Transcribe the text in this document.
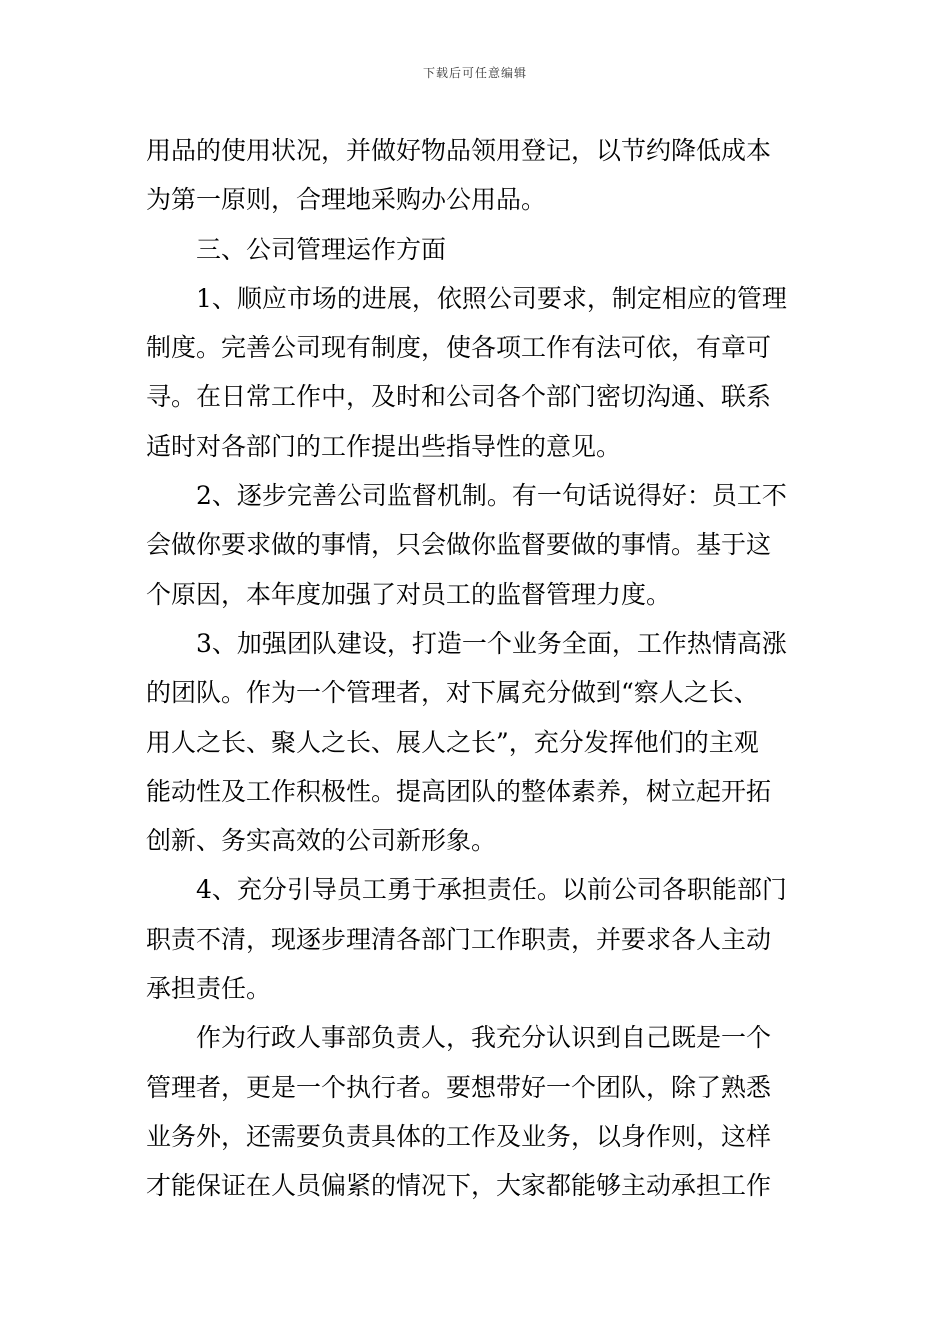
下载后可任意编辑
用品的使用状况，并做好物品领用登记，以节约降低成本
为第一原则，合理地采购办公用品。
三、公司管理运作方面
1、顺应市场的进展，依照公司要求，制定相应的管理
制度。完善公司现有制度，使各项工作有法可依，有章可
寻。在日常工作中，及时和公司各个部门密切沟通、联系
适时对各部门的工作提出些指导性的意见。
2、逐步完善公司监督机制。有一句话说得好：员工不
会做你要求做的事情，只会做你监督要做的事情。基于这
个原因，本年度加强了对员工的监督管理力度。
3、加强团队建设，打造一个业务全面，工作热情高涨
的团队。作为一个管理者，对下属充分做到“察人之长、
用人之长、聚人之长、展人之长”，充分发挥他们的主观
能动性及工作积极性。提高团队的整体素养，树立起开拓
创新、务实高效的公司新形象。
4、充分引导员工勇于承担责任。以前公司各职能部门
职责不清，现逐步理清各部门工作职责，并要求各人主动
承担责任。
作为行政人事部负责人，我充分认识到自己既是一个
管理者，更是一个执行者。要想带好一个团队，除了熟悉
业务外，还需要负责具体的工作及业务，以身作则，这样
才能保证在人员偏紧的情况下，大家都能够主动承担工作
